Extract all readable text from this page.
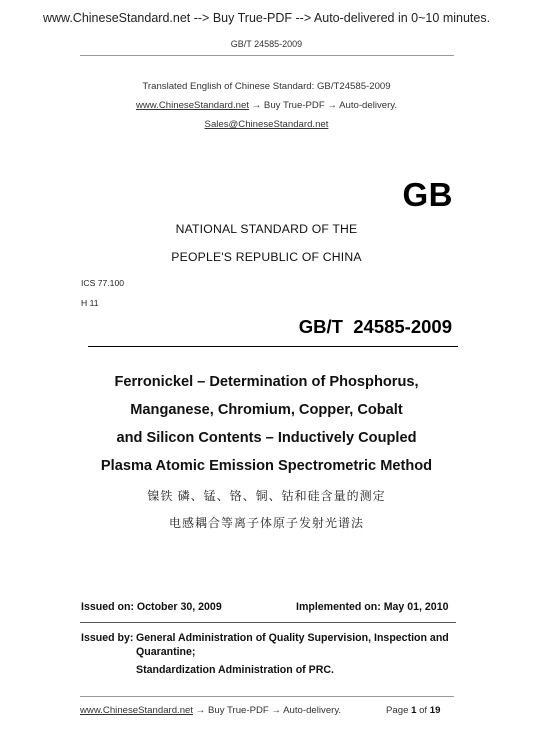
www.ChineseStandard.net --> Buy True-PDF --> Auto-delivered in 0~10 minutes.
GB/T 24585-2009
Translated English of Chinese Standard: GB/T24585-2009
www.ChineseStandard.net → Buy True-PDF → Auto-delivery.
Sales@ChineseStandard.net
GB
NATIONAL STANDARD OF THE
PEOPLE'S REPUBLIC OF CHINA
ICS 77.100
H 11
GB/T  24585-2009
Ferronickel – Determination of Phosphorus,
Manganese, Chromium, Copper, Cobalt
and Silicon Contents – Inductively Coupled
Plasma Atomic Emission Spectrometric Method
镍铁 磷、锰、铬、铜、钴和硅含量的测定
电感耦合等离子体原子发射光谱法
Issued on: October 30, 2009	Implemented on: May 01, 2010
Issued by: General Administration of Quality Supervision, Inspection and
Quarantine;
Standardization Administration of PRC.
www.ChineseStandard.net → Buy True-PDF → Auto-delivery.	Page 1 of 19
